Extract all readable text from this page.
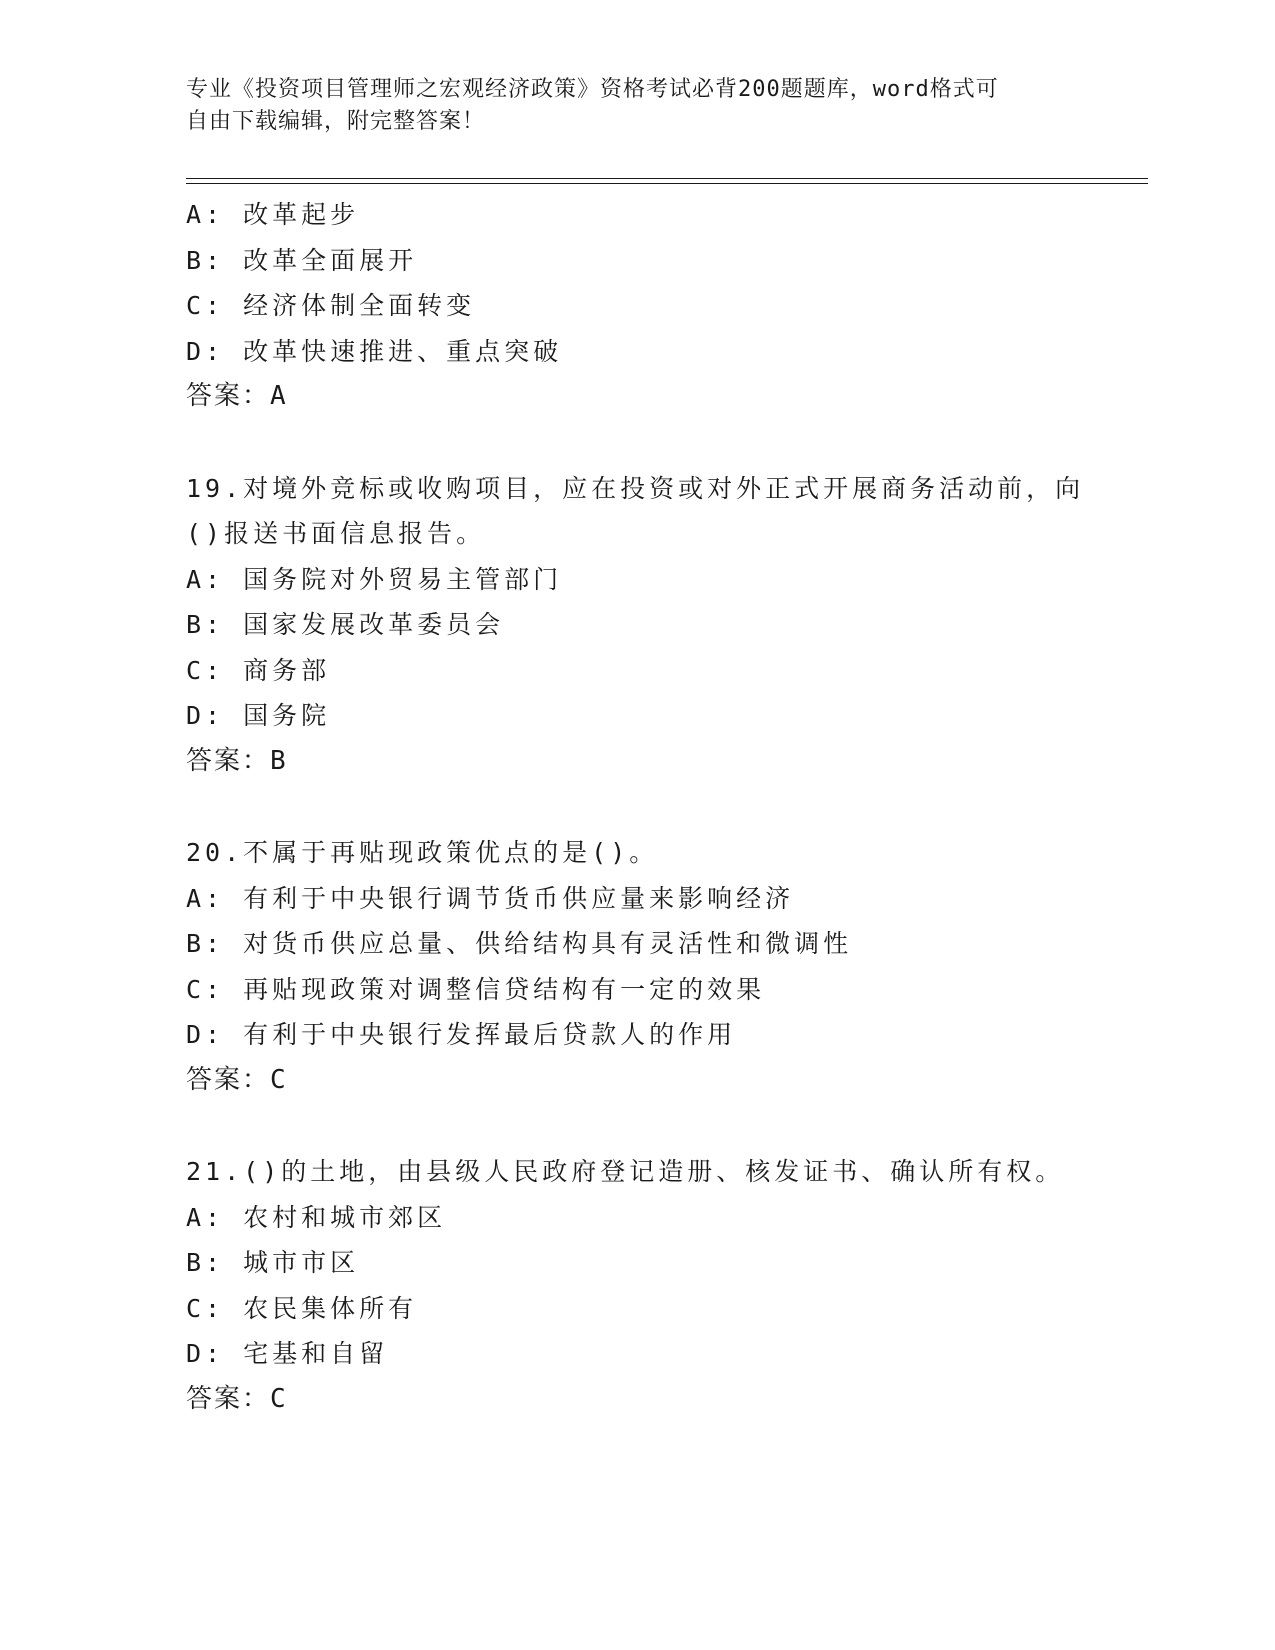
专业《投资项目管理师之宏观经济政策》资格考试必背200题题库，word格式可
自由下载编辑，附完整答案！
A: 改革起步
B: 改革全面展开
C: 经济体制全面转变
D: 改革快速推进、重点突破
答案：A
19.对境外竞标或收购项目，应在投资或对外正式开展商务活动前，向
()报送书面信息报告。
A: 国务院对外贸易主管部门
B: 国家发展改革委员会
C: 商务部
D: 国务院
答案：B
20.不属于再贴现政策优点的是()。
A: 有利于中央银行调节货币供应量来影响经济
B: 对货币供应总量、供给结构具有灵活性和微调性
C: 再贴现政策对调整信贷结构有一定的效果
D: 有利于中央银行发挥最后贷款人的作用
答案：C
21.()的土地，由县级人民政府登记造册、核发证书、确认所有权。
A: 农村和城市郊区
B: 城市市区
C: 农民集体所有
D: 宅基和自留
答案：C
